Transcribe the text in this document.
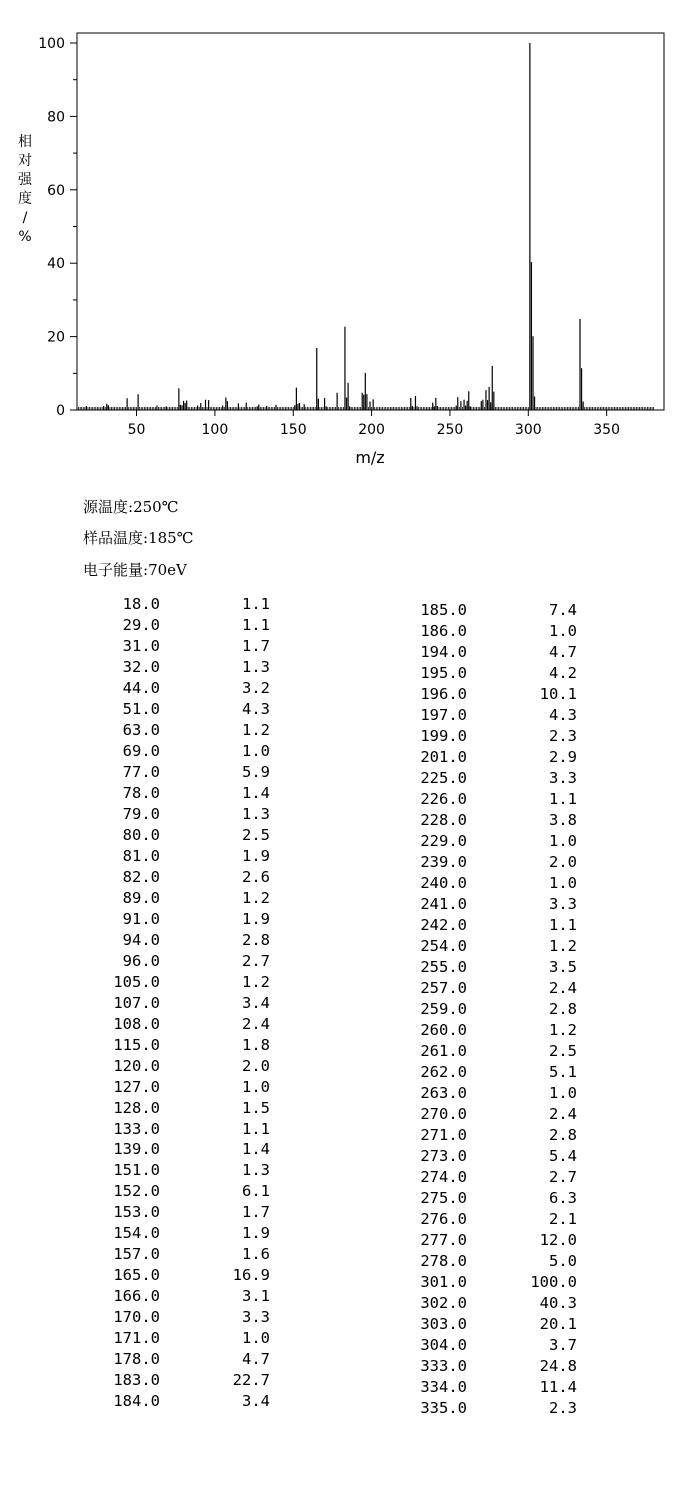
50	100	150	200	250	300	350
0
20
40
60
80
100
m/z
相对强度/ %
源温度:250℃
样品温度:185℃
电子能量:70eV
18.0	1.1
29.0	1.1
31.0	1.7
32.0	1.3
44.0	3.2
51.0	4.3
63.0	1.2
69.0	1.0
77.0	5.9
78.0	1.4
79.0	1.3
80.0	2.5
81.0	1.9
82.0	2.6
89.0	1.2
91.0	1.9
94.0	2.8
96.0	2.7
105.0	1.2
107.0	3.4
108.0	2.4
115.0	1.8
120.0	2.0
127.0	1.0
128.0	1.5
133.0	1.1
139.0	1.4
151.0	1.3
152.0	6.1
153.0	1.7
154.0	1.9
157.0	1.6
165.0	16.9
166.0	3.1
170.0	3.3
171.0	1.0
178.0	4.7
183.0	22.7
184.0	3.4
185.0	7.4
186.0	1.0
194.0	4.7
195.0	4.2
196.0	10.1
197.0	4.3
199.0	2.3
201.0	2.9
225.0	3.3
226.0	1.1
228.0	3.8
229.0	1.0
239.0	2.0
240.0	1.0
241.0	3.3
242.0	1.1
254.0	1.2
255.0	3.5
257.0	2.4
259.0	2.8
260.0	1.2
261.0	2.5
262.0	5.1
263.0	1.0
270.0	2.4
271.0	2.8
273.0	5.4
274.0	2.7
275.0	6.3
276.0	2.1
277.0	12.0
278.0	5.0
301.0	100.0
302.0	40.3
303.0	20.1
304.0	3.7
333.0	24.8
334.0	11.4
335.0	2.3
